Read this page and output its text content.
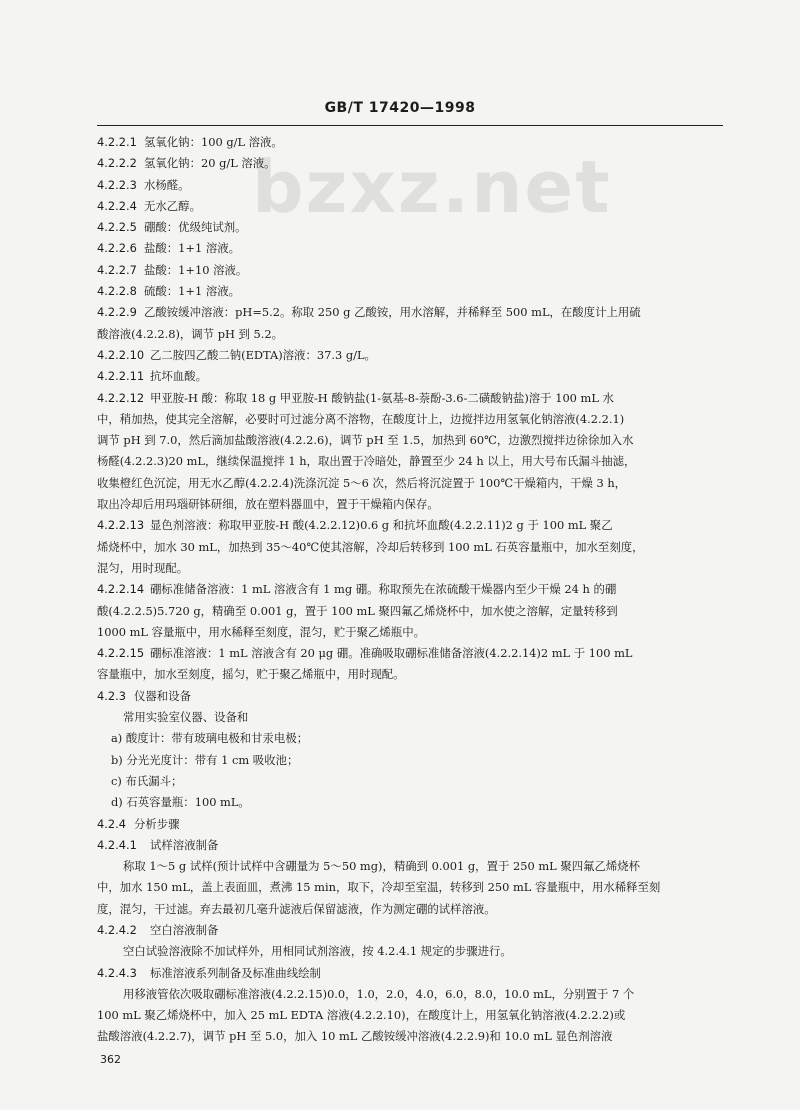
GB/T 17420—1998
bzxz.net
4.2.2.1 氢氧化钠：100 g/L 溶液。
4.2.2.2 氢氧化钠：20 g/L 溶液。
4.2.2.3 水杨醛。
4.2.2.4 无水乙醇。
4.2.2.5 硼酸：优级纯试剂。
4.2.2.6 盐酸：1+1 溶液。
4.2.2.7 盐酸：1+10 溶液。
4.2.2.8 硫酸：1+1 溶液。
4.2.2.9 乙酸铵缓冲溶液：pH=5.2。称取 250 g 乙酸铵，用水溶解，并稀释至 500 mL，在酸度计上用硫
酸溶液(4.2.2.8)，调节 pH 到 5.2。
4.2.2.10 乙二胺四乙酸二钠(EDTA)溶液：37.3 g/L。
4.2.2.11 抗坏血酸。
4.2.2.12 甲亚胺-H 酸：称取 18 g 甲亚胺-H 酸钠盐(1-氨基-8-萘酚-3.6-二磺酸钠盐)溶于 100 mL 水
中，稍加热，使其完全溶解，必要时可过滤分离不溶物，在酸度计上，边搅拌边用氢氧化钠溶液(4.2.2.1)
调节 pH 到 7.0，然后滴加盐酸溶液(4.2.2.6)，调节 pH 至 1.5，加热到 60℃，边激烈搅拌边徐徐加入水
杨醛(4.2.2.3)20 mL，继续保温搅拌 1 h，取出置于冷暗处，静置至少 24 h 以上，用大号布氏漏斗抽滤，
收集橙红色沉淀，用无水乙醇(4.2.2.4)洗涤沉淀 5～6 次，然后将沉淀置于 100℃干燥箱内，干燥 3 h，
取出冷却后用玛瑙研钵研细，放在塑料器皿中，置于干燥箱内保存。
4.2.2.13 显色剂溶液：称取甲亚胺-H 酸(4.2.2.12)0.6 g 和抗坏血酸(4.2.2.11)2 g 于 100 mL 聚乙
烯烧杯中，加水 30 mL，加热到 35～40℃使其溶解，冷却后转移到 100 mL 石英容量瓶中，加水至刻度，
混匀，用时现配。
4.2.2.14 硼标准储备溶液：1 mL 溶液含有 1 mg 硼。称取预先在浓硫酸干燥器内至少干燥 24 h 的硼
酸(4.2.2.5)5.720 g，精确至 0.001 g，置于 100 mL 聚四氟乙烯烧杯中，加水使之溶解，定量转移到
1000 mL 容量瓶中，用水稀释至刻度，混匀，贮于聚乙烯瓶中。
4.2.2.15 硼标准溶液：1 mL 溶液含有 20 μg 硼。准确吸取硼标准储备溶液(4.2.2.14)2 mL 于 100 mL
容量瓶中，加水至刻度，摇匀，贮于聚乙烯瓶中，用时现配。
4.2.3 仪器和设备
常用实验室仪器、设备和
a) 酸度计：带有玻璃电极和甘汞电极；
b) 分光光度计：带有 1 cm 吸收池；
c) 布氏漏斗；
d) 石英容量瓶：100 mL。
4.2.4 分析步骤
4.2.4.1 试样溶液制备
称取 1～5 g 试样(预计试样中含硼量为 5～50 mg)，精确到 0.001 g，置于 250 mL 聚四氟乙烯烧杯
中，加水 150 mL，盖上表面皿，煮沸 15 min，取下，冷却至室温，转移到 250 mL 容量瓶中，用水稀释至刻
度，混匀，干过滤。弃去最初几毫升滤液后保留滤液，作为测定硼的试样溶液。
4.2.4.2 空白溶液制备
空白试验溶液除不加试样外，用相同试剂溶液，按 4.2.4.1 规定的步骤进行。
4.2.4.3 标准溶液系列制备及标准曲线绘制
用移液管依次吸取硼标准溶液(4.2.2.15)0.0，1.0，2.0，4.0，6.0，8.0，10.0 mL，分别置于 7 个
100 mL 聚乙烯烧杯中，加入 25 mL EDTA 溶液(4.2.2.10)，在酸度计上，用氢氧化钠溶液(4.2.2.2)或
盐酸溶液(4.2.2.7)，调节 pH 至 5.0，加入 10 mL 乙酸铵缓冲溶液(4.2.2.9)和 10.0 mL 显色剂溶液
362
